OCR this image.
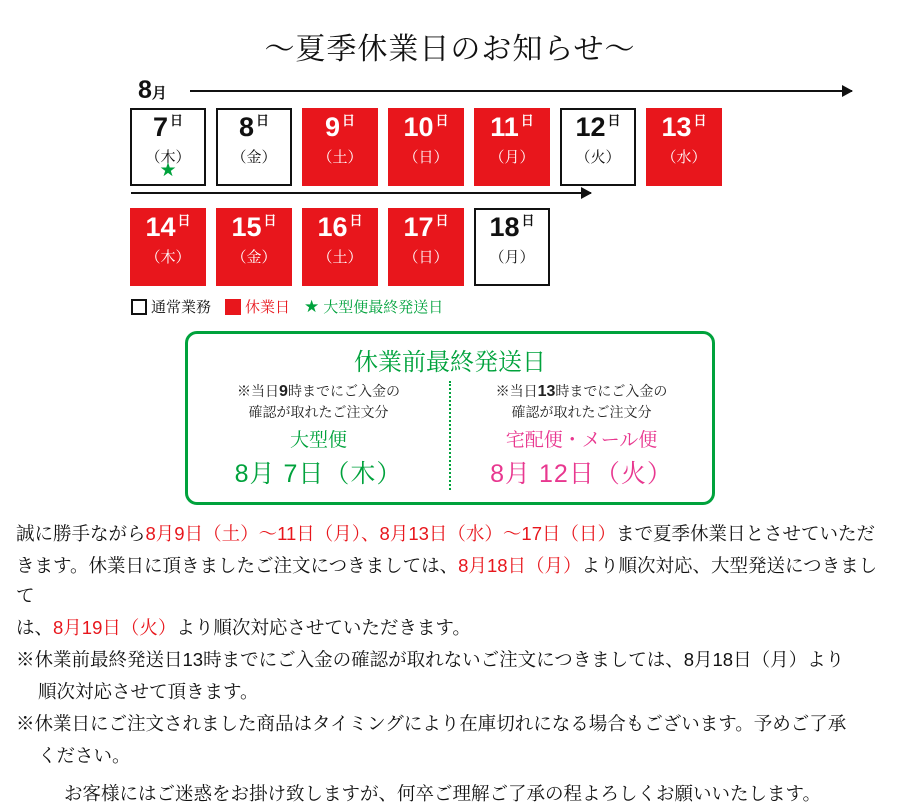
〜夏季休業日のお知らせ〜
8月
7 $^日$
（木）
★
8 $^日$
（金）
9 $^日$
（土）
10 $^日$
（日）
11 $^日$
（月）
12 $^日$
（火）
13 $^日$
（水）
14 $^日$
（木）
15 $^日$
（金）
16 $^日$
（土）
17 $^日$
（日）
18 $^日$
（月）
通常業務 休業日 ★ 大型便最終発送日
休業前最終発送日
※当日9時までにご入金の
確認が取れたご注文分
大型便
8月 7日（木）
※当日13時までにご入金の
確認が取れたご注文分
宅配便・メール便
8月 12日（火）

誠に勝手ながら8月9日（土）〜11日（月）、8月13日（水）〜17日（日）まで夏季休業日とさせていただ

きます。休業日に頂きましたご注文につきましては、8月18日（月）より順次対応、大型発送につきまして

は、8月19日（火）より順次対応させていただきます。

※休業前最終発送日13時までにご入金の確認が取れないご注文につきましては、8月18日（月）より

順次対応させて頂きます。

※休業日にご注文されました商品はタイミングにより在庫切れになる場合もございます。予めご了承

ください。

お客様にはご迷惑をお掛け致しますが、何卒ご理解ご了承の程よろしくお願いいたします。
